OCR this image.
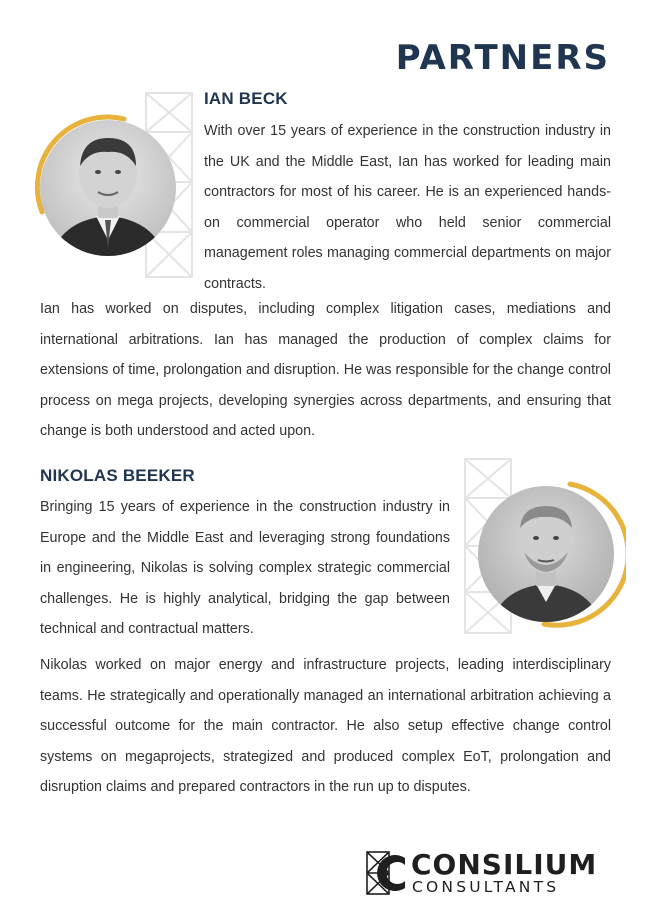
PARTNERS
IAN BECK

With over 15 years of experience in the construction industry in the UK and the Middle East, Ian has worked for leading main contractors for most of his career. He is an experienced hands-on commercial operator who held senior commercial management roles managing commercial departments on major contracts.

Ian has worked on disputes, including complex litigation cases, mediations and international arbitrations. Ian has managed the production of complex claims for extensions of time, prolongation and disruption. He was responsible for the change control process on mega projects, developing synergies across departments, and ensuring that change is both understood and acted upon.

NIKOLAS BEEKER

Bringing 15 years of experience in the construction industry in Europe and the Middle East and leveraging strong foundations in engineering, Nikolas is solving complex strategic commercial challenges. He is highly analytical, bridging the gap between technical and contractual matters.

Nikolas worked on major energy and infrastructure projects, leading interdisciplinary teams. He strategically and operationally managed an international arbitration achieving a successful outcome for the main contractor. He also setup effective change control systems on megaprojects, strategized and produced complex EoT, prolongation and disruption claims and prepared contractors in the run up to disputes.

CONSILIUM

CONSULTANTS
